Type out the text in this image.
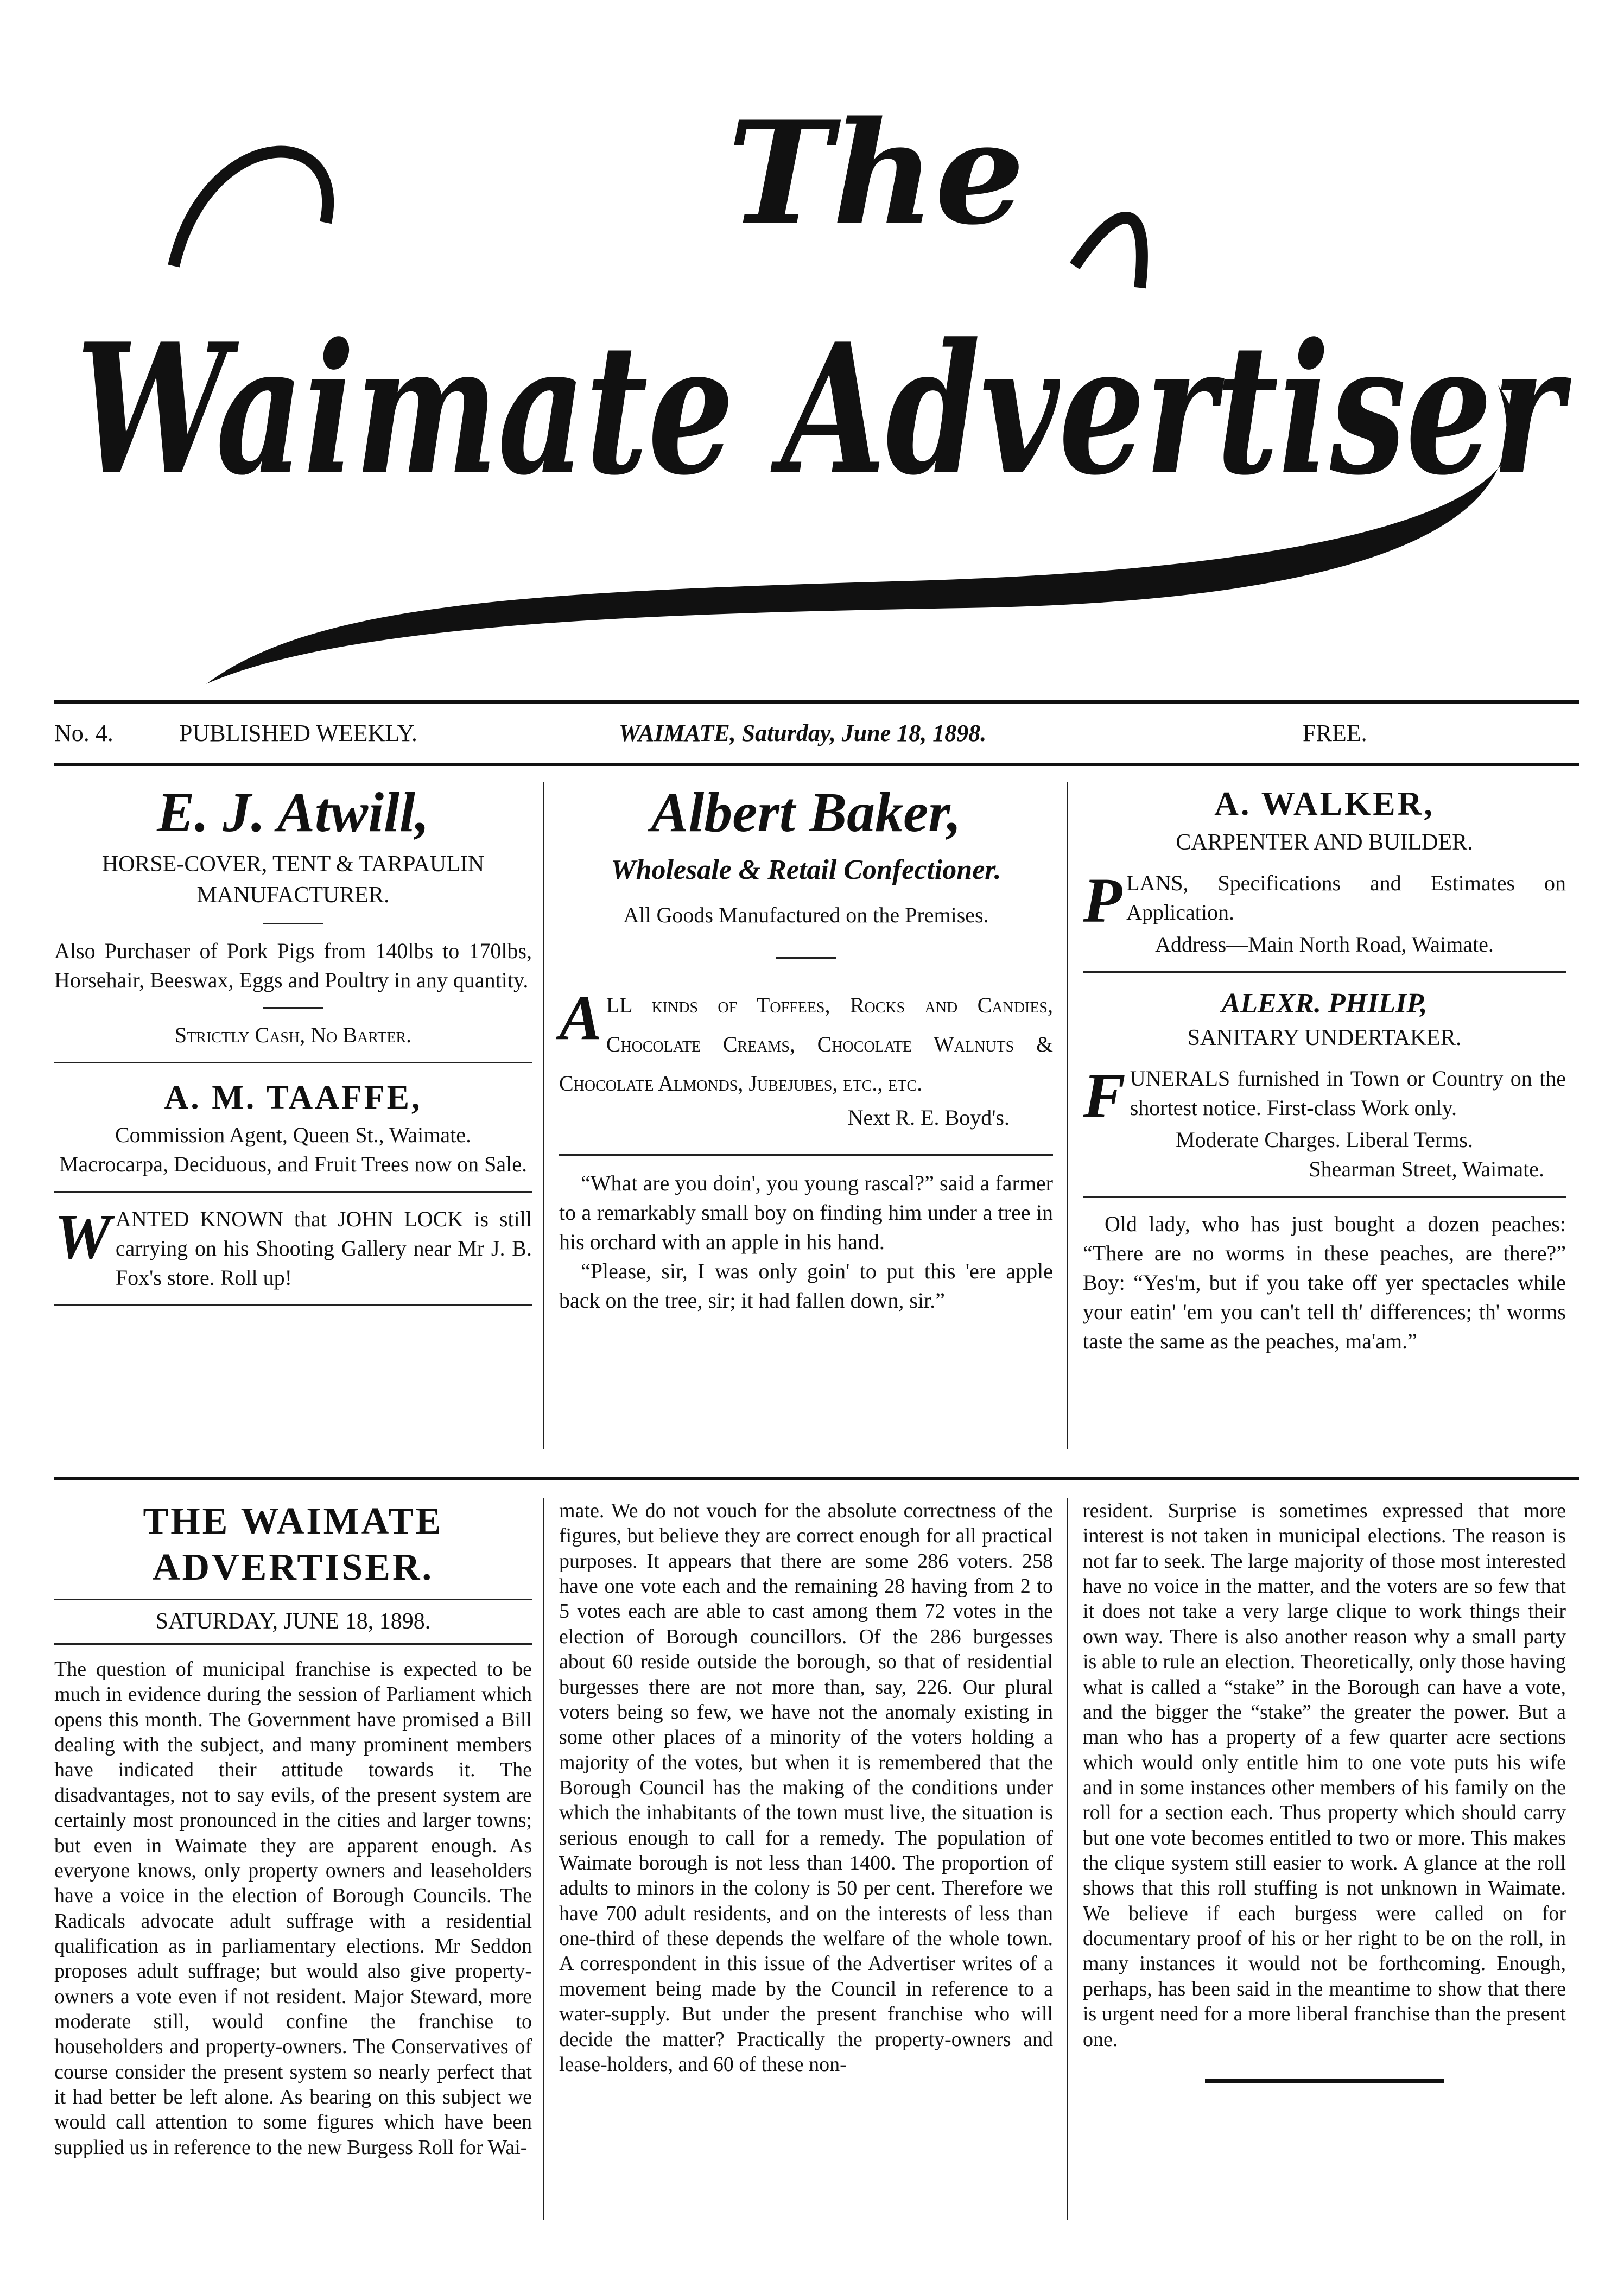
The
Waimate Advertiser
No. 4.	PUBLISHED WEEKLY.	WAIMATE, Saturday, June 18, 1898.	FREE.
E. J. Atwill,
HORSE-COVER, TENT & TARPAULIN MANUFACTURER.
Also Purchaser of Pork Pigs from 140lbs to 170lbs, Horsehair, Beeswax, Eggs and Poultry in any quantity.
Strictly Cash, No Barter.
A. M. TAAFFE,
Commission Agent, Queen St., Waimate.
Macrocarpa, Deciduous, and Fruit Trees now on Sale.
W ANTED KNOWN that JOHN LOCK is still carrying on his Shooting Gallery near Mr J. B. Fox's store. Roll up!
Albert Baker,
Wholesale & Retail Confectioner.
All Goods Manufactured on the Premises.
A LL kinds of Toffees, Rocks and Candies, Chocolate Creams, Chocolate Walnuts & Chocolate Almonds, Jubejubes, etc., etc.
Next R. E. Boyd's.

“What are you doin', you young rascal?” said a farmer to a remarkably small boy on finding him under a tree in his orchard with an apple in his hand.

“Please, sir, I was only goin' to put this 'ere apple back on the tree, sir; it had fallen down, sir.”

A. WALKER,
CARPENTER AND BUILDER.
P LANS, Specifications and Estimates on Application.
Address—Main North Road, Waimate.
ALEXR. PHILIP,
SANITARY UNDERTAKER.
F UNERALS furnished in Town or Country on the shortest notice. First-class Work only.
Moderate Charges. Liberal Terms.
Shearman Street, Waimate.
Old lady, who has just bought a dozen peaches: “There are no worms in these peaches, are there?” Boy: “Yes'm, but if you take off yer spectacles while your eatin' 'em you can't tell th' differences; th' worms taste the same as the peaches, ma'am.”
THE WAIMATE ADVERTISER.
SATURDAY, JUNE 18, 1898.

The question of municipal franchise is expected to be much in evidence during the session of Parliament which opens this month. The Government have promised a Bill dealing with the subject, and many prominent members have indicated their attitude towards it. The disadvantages, not to say evils, of the present system are certainly most pronounced in the cities and larger towns; but even in Waimate they are apparent enough. As everyone knows, only property owners and leaseholders have a voice in the election of Borough Councils. The Radicals advocate adult suffrage with a residential qualification as in parliamentary elections. Mr Seddon proposes adult suffrage; but would also give property-owners a vote even if not resident. Major Steward, more moderate still, would confine the franchise to householders and property-owners. The Conservatives of course consider the present system so nearly perfect that it had better be left alone. As bearing on this subject we would call attention to some figures which have been supplied us in reference to the new Burgess Roll for Wai-

mate. We do not vouch for the absolute correctness of the figures, but believe they are correct enough for all practical purposes. It appears that there are some 286 voters. 258 have one vote each and the remaining 28 having from 2 to 5 votes each are able to cast among them 72 votes in the election of Borough councillors. Of the 286 burgesses about 60 reside outside the borough, so that of residential burgesses there are not more than, say, 226. Our plural voters being so few, we have not the anomaly existing in some other places of a minority of the voters holding a majority of the votes, but when it is remembered that the Borough Council has the making of the conditions under which the inhabitants of the town must live, the situation is serious enough to call for a remedy. The population of Waimate borough is not less than 1400. The proportion of adults to minors in the colony is 50 per cent. Therefore we have 700 adult residents, and on the interests of less than one-third of these depends the welfare of the whole town. A correspondent in this issue of the Advertiser writes of a movement being made by the Council in reference to a water-supply. But under the present franchise who will decide the matter? Practically the property-owners and lease-holders, and 60 of these non-

resident. Surprise is sometimes expressed that more interest is not taken in municipal elections. The reason is not far to seek. The large majority of those most interested have no voice in the matter, and the voters are so few that it does not take a very large clique to work things their own way. There is also another reason why a small party is able to rule an election. Theoretically, only those having what is called a “stake” in the Borough can have a vote, and the bigger the “stake” the greater the power. But a man who has a property of a few quarter acre sections which would only entitle him to one vote puts his wife and in some instances other members of his family on the roll for a section each. Thus property which should carry but one vote becomes entitled to two or more. This makes the clique system still easier to work. A glance at the roll shows that this roll stuffing is not unknown in Waimate. We believe if each burgess were called on for documentary proof of his or her right to be on the roll, in many instances it would not be forthcoming. Enough, perhaps, has been said in the meantime to show that there is urgent need for a more liberal franchise than the present one.
